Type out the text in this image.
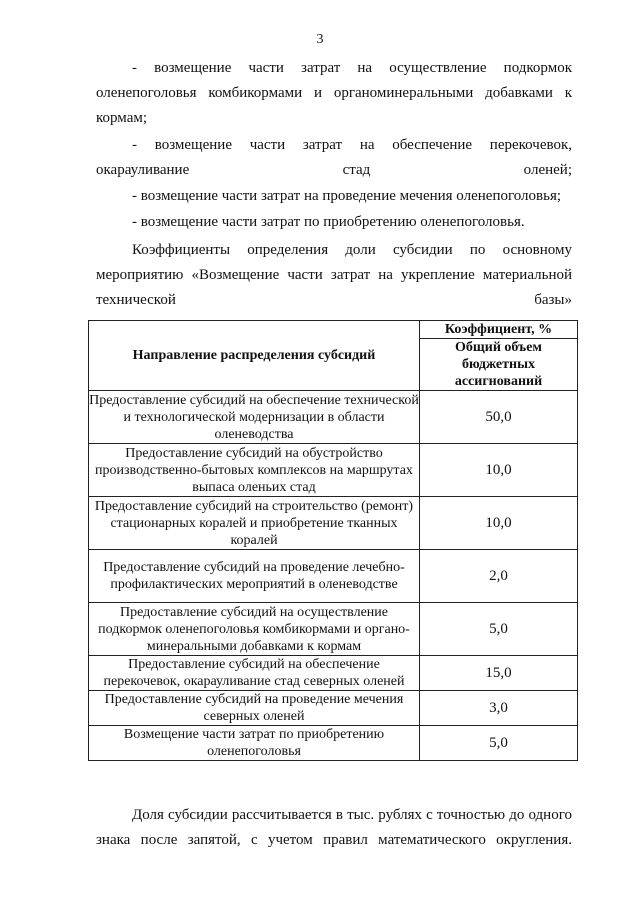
3
- возмещение части затрат на осуществление подкормок оленепоголовья комбикормами и органоминеральными добавками к кормам;
- возмещение части затрат на обеспечение перекочевок, окарауливание стад оленей;
- возмещение части затрат на проведение мечения оленепоголовья;
- возмещение части затрат по приобретению оленепоголовья.
Коэффициенты определения доли субсидии по основному мероприятию «Возмещение части затрат на укрепление материальной технической базы»
Направление распределения субсидий	Коэффициент, %
	Общий объем бюджетных ассигнований
Предоставление субсидий на обеспечение технической и технологической модернизации в области оленеводства	50,0
Предоставление субсидий на обустройство производственно-бытовых комплексов на маршрутах выпаса оленьих стад	10,0
Предоставление субсидий на строительство (ремонт) стационарных коралей и приобретение тканных коралей	10,0
Предоставление субсидий на проведение лечебно-профилактических мероприятий в оленеводстве	2,0
Предоставление субсидий на осуществление подкормок оленепоголовья комбикормами и органо-минеральными добавками к кормам	5,0
Предоставление субсидий на обеспечение перекочевок, окарауливание стад северных оленей	15,0
Предоставление субсидий на проведение мечения северных оленей	3,0
Возмещение части затрат по приобретению оленепоголовья	5,0
Доля субсидии рассчитывается в тыс. рублях с точностью до одного знака после запятой, с учетом правил математического округления.
